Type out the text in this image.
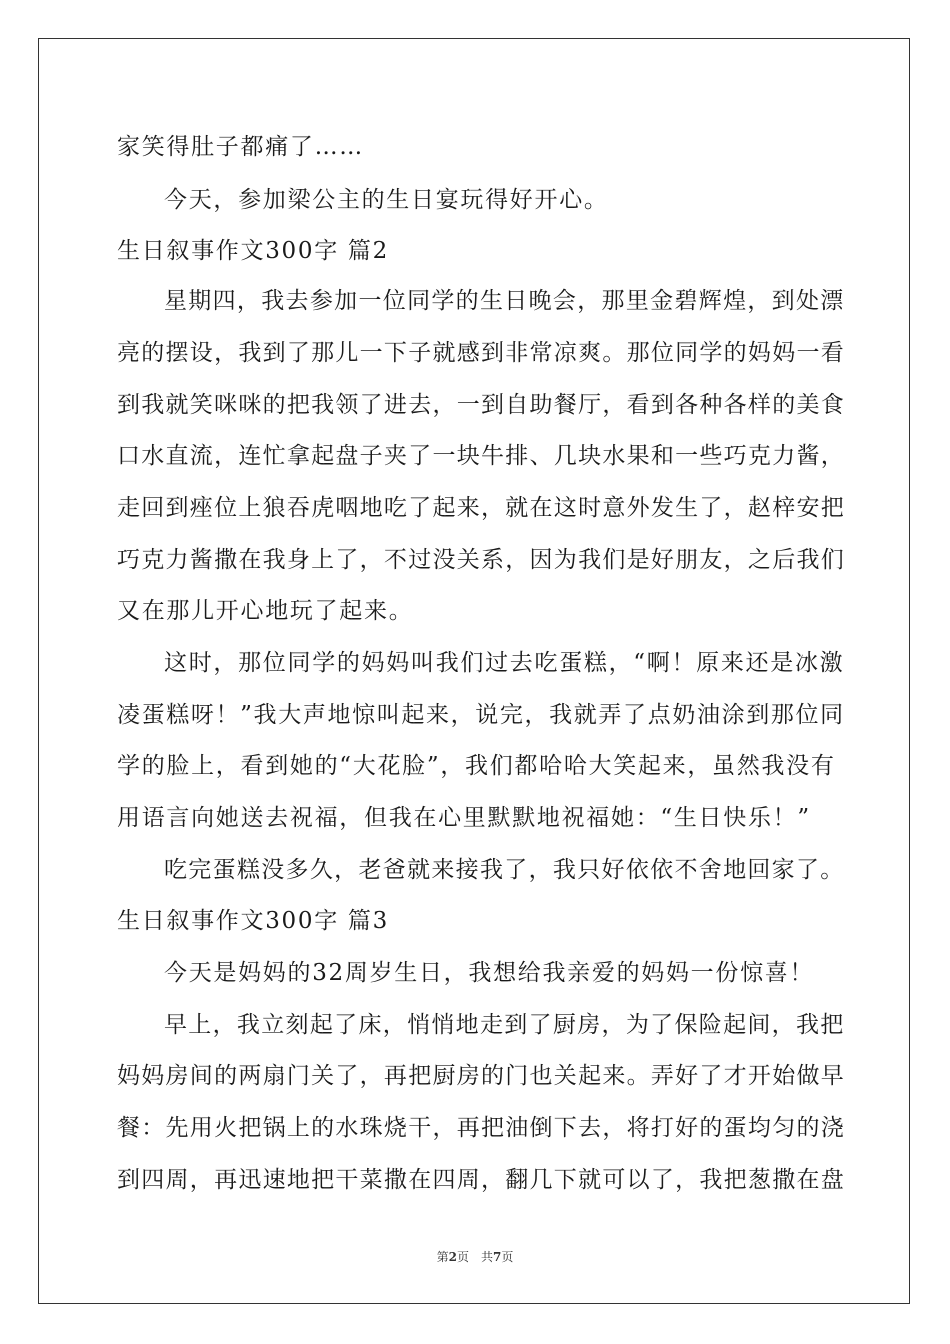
家笑得肚子都痛了……
今天，参加梁公主的生日宴玩得好开心。
生日叙事作文300字 篇2
星期四，我去参加一位同学的生日晚会，那里金碧辉煌，到处漂
亮的摆设，我到了那儿一下子就感到非常凉爽。那位同学的妈妈一看
到我就笑咪咪的把我领了进去，一到自助餐厅，看到各种各样的美食
口水直流，连忙拿起盘子夹了一块牛排、几块水果和一些巧克力酱，
走回到痤位上狼吞虎咽地吃了起来，就在这时意外发生了，赵梓安把
巧克力酱撒在我身上了，不过没关系，因为我们是好朋友，之后我们
又在那儿开心地玩了起来。
这时，那位同学的妈妈叫我们过去吃蛋糕，“啊！原来还是冰激
凌蛋糕呀！”我大声地惊叫起来，说完，我就弄了点奶油涂到那位同
学的脸上，看到她的“大花脸”，我们都哈哈大笑起来，虽然我没有
用语言向她送去祝福，但我在心里默默地祝福她：“生日快乐！”
吃完蛋糕没多久，老爸就来接我了，我只好依依不舍地回家了。
生日叙事作文300字 篇3
今天是妈妈的32周岁生日，我想给我亲爱的妈妈一份惊喜！
早上，我立刻起了床，悄悄地走到了厨房，为了保险起间，我把
妈妈房间的两扇门关了，再把厨房的门也关起来。弄好了才开始做早
餐：先用火把锅上的水珠烧干，再把油倒下去，将打好的蛋均匀的浇
到四周，再迅速地把干菜撒在四周，翻几下就可以了，我把葱撒在盘
第2页　共7页
